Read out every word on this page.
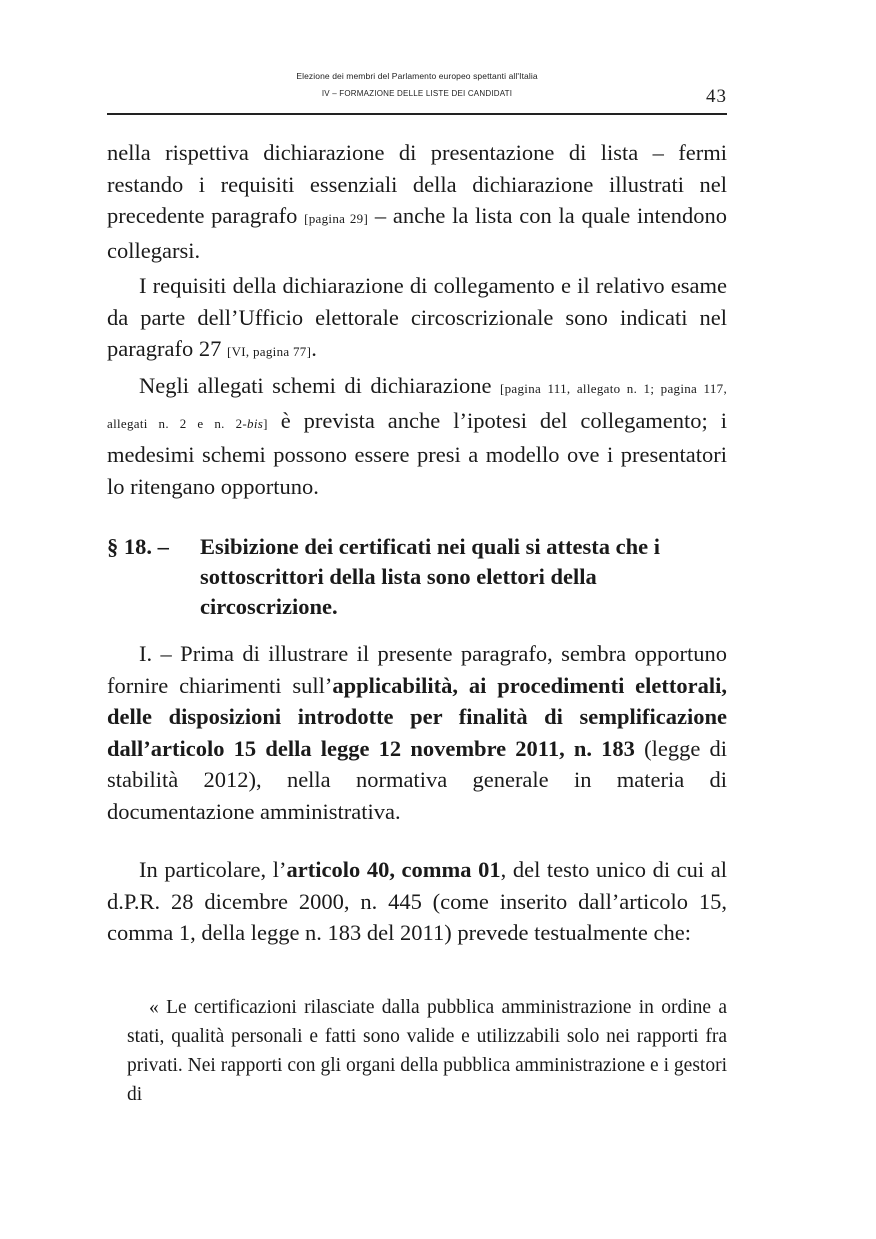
Elezione dei membri del Parlamento europeo spettanti all'Italia
IV – FORMAZIONE DELLE LISTE DEI CANDIDATI	43

nella rispettiva dichiarazione di presentazione di lista – fermi restando i requisiti essenziali della dichiarazione illustrati nel precedente paragrafo [pagina 29] – anche la lista con la quale intendono collegarsi.

I requisiti della dichiarazione di collegamento e il relativo esame da parte dell’Ufficio elettorale circoscrizionale sono indicati nel paragrafo 27 [VI, pagina 77].

Negli allegati schemi di dichiarazione [pagina 111, allegato n. 1; pagina 117, allegati n. 2 e n. 2-bis] è prevista anche l’ipotesi del collegamento; i medesimi schemi possono essere presi a modello ove i presentatori lo ritengano opportuno.

§ 18. – Esibizione dei certificati nei quali si attesta che i sottoscrittori della lista sono elettori della circoscrizione.

I. – Prima di illustrare il presente paragrafo, sembra opportuno fornire chiarimenti sull’applicabilità, ai procedimenti elettorali, delle disposizioni introdotte per finalità di semplificazione dall’articolo 15 della legge 12 novembre 2011, n. 183 (legge di stabilità 2012), nella normativa generale in materia di documentazione amministrativa.

In particolare, l’articolo 40, comma 01, del testo unico di cui al d.P.R. 28 dicembre 2000, n. 445 (come inserito dall’articolo 15, comma 1, della legge n. 183 del 2011) prevede testualmente che:

« Le certificazioni rilasciate dalla pubblica amministrazione in ordine a stati, qualità personali e fatti sono valide e utilizzabili solo nei rapporti fra privati. Nei rapporti con gli organi della pubblica amministrazione e i gestori di
